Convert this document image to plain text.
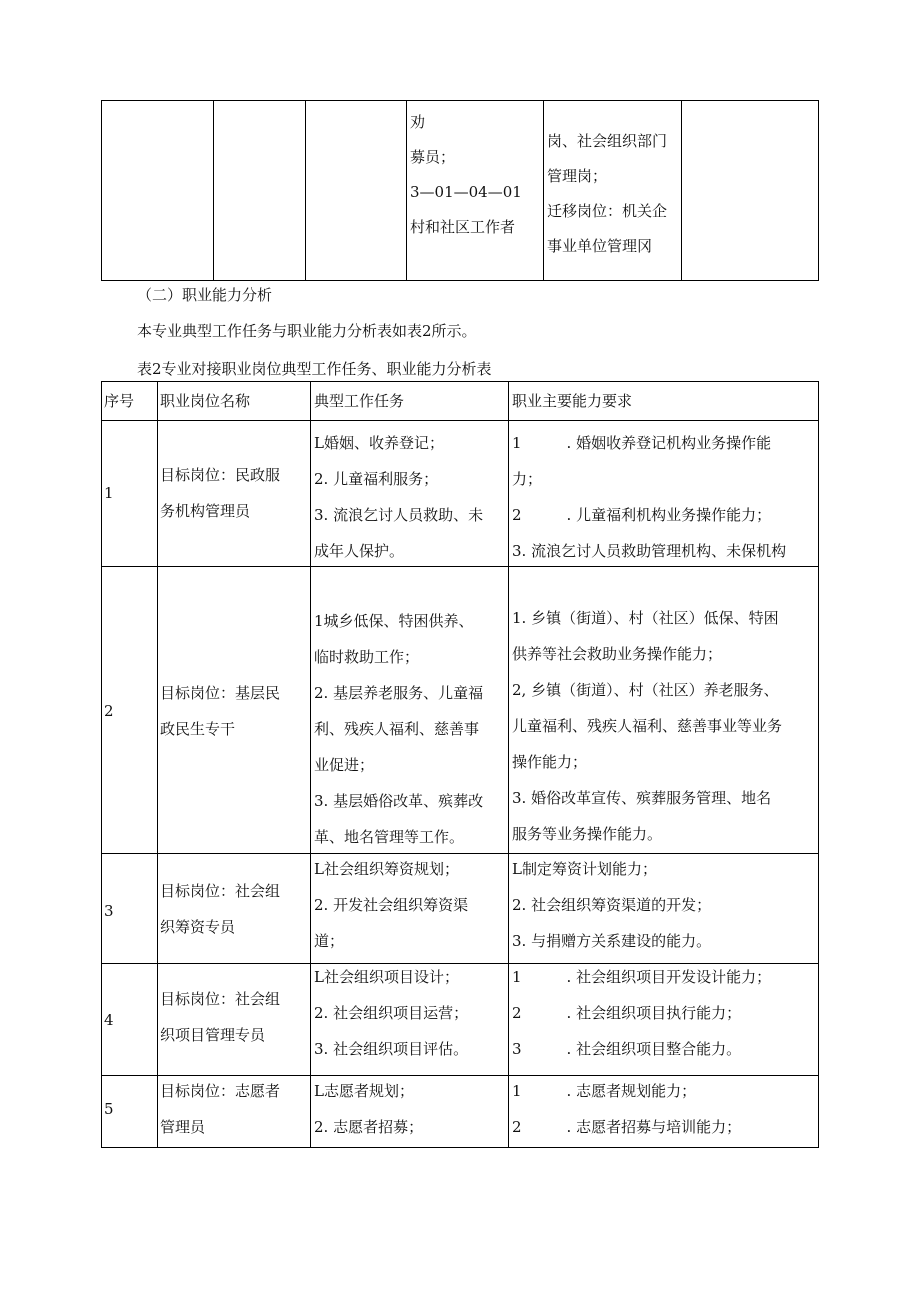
劝
募员；
3—01—04—01
村和社区工作者
岗、社会组织部门
管理岗；
迁移岗位：机关企
事业单位管理冈
（二）职业能力分析
本专业典型工作任务与职业能力分析表如表2所示。
表2专业对接职业岗位典型工作任务、职业能力分析表
序号 职业岗位名称	典型工作任务	职业主要能力要求
1
目标岗位：民政服
务机构管理员
L婚姻、收养登记；
2. 儿童福利服务；
3. 流浪乞讨人员救助、未
成年人保护。
1　　　. 婚姻收养登记机构业务操作能
力；
2　　　. 儿童福利机构业务操作能力；
3. 流浪乞讨人员救助管理机构、未保机构
2
目标岗位：基层民
政民生专干
1城乡低保、特困供养、
临时救助工作；
2. 基层养老服务、儿童福
利、残疾人福利、慈善事
业促进；
3. 基层婚俗改革、殡葬改
革、地名管理等工作。
1. 乡镇（街道）、村（社区）低保、特困
供养等社会救助业务操作能力；
2, 乡镇（街道）、村（社区）养老服务、
儿童福利、残疾人福利、慈善事业等业务
操作能力；
3. 婚俗改革宣传、殡葬服务管理、地名
服务等业务操作能力。
3
目标岗位：社会组
织筹资专员
L社会组织筹资规划；
2. 开发社会组织筹资渠
道；
L制定筹资计划能力；
2. 社会组织筹资渠道的开发；
3. 与捐赠方关系建设的能力。
4
目标岗位：社会组
织项目管理专员
L社会组织项目设计；
2. 社会组织项目运营；
3. 社会组织项目评估。
1　　　. 社会组织项目开发设计能力；
2　　　. 社会组织项目执行能力；
3　　　. 社会组织项目整合能力。
5
目标岗位：志愿者
管理员
L志愿者规划；
2. 志愿者招募；
1　　　. 志愿者规划能力；
2　　　. 志愿者招募与培训能力；
